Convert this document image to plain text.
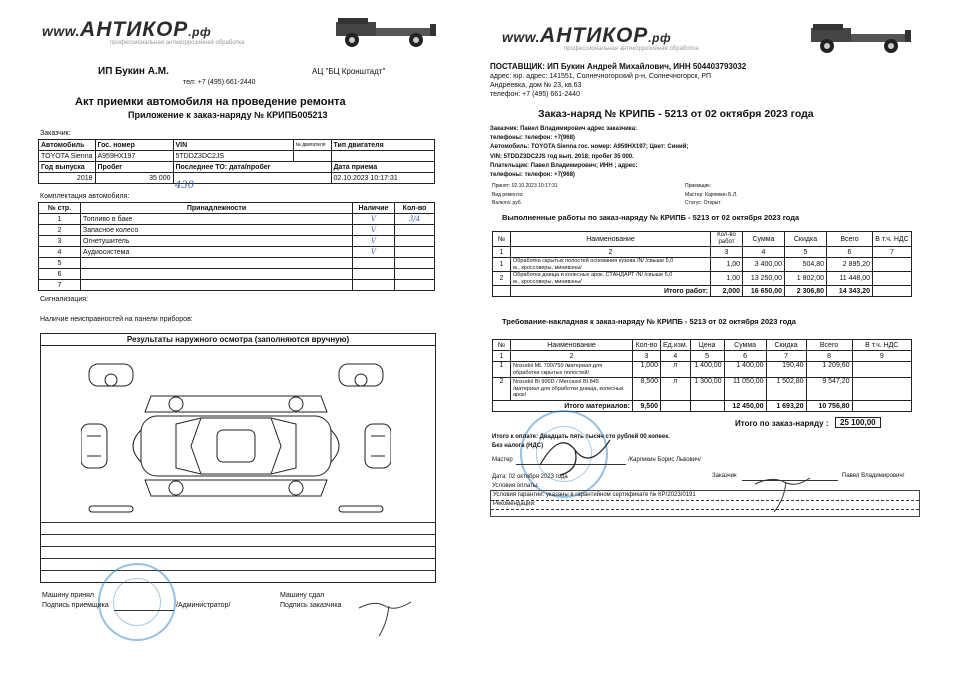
www.АНТИКОР.рф
профессиональная антикоррозийная обработка
ИП Букин А.М.	АЦ "БЦ Кронштадт"
тел: +7 (495) 661-2440
Акт приемки автомобиля на проведение ремонта
Приложение к заказ-наряду № КРИПБ005213
Заказчик:
Автомобиль	Гос. номер	VIN	№ двигателя	Тип двигателя
TOYOTA Sienna	А959НХ197	5TDDZ3DC2JS		
Год выпуска	Пробег	Последнее ТО: дата/пробег		Дата приема
2018	35 000			02.10.2023 10:17:31
430
Комплектация автомобиля:
№ стр.	Принадлежности	Наличие	Кол-во
1	Топливо в баке	V	3/4
2	Запасное колесо	V	
3	Огнетушитель	V	
4	Аудиосистема	V	
5			
6			
7			
Сигнализация:
Наличие неисправностей на панели приборов:
Результаты наружного осмотра (заполняются вручную)
Машину принял
Подпись приемщика	/Администратор/
Машину сдал
Подпись заказчика
www.АНТИКОР.рф
профессиональная антикоррозийная обработка
ПОСТАВЩИК: ИП Букин Андрей Михайлович, ИНН 504403793032
адрес: юр. адрес: 141551, Солнечногорский р-н, Солнечногорск, РП
Андреевка, дом № 23, кв.63
телефон: +7 (495) 661-2440
Заказ-наряд № КРИПБ - 5213 от 02 октября 2023 года
Заказчик: Павел Владимирович адрес заказчика:
телефоны: телефон: +7(968)
Автомобиль: TOYOTA Sienna гос. номер: А959НХ197; Цвет: Синий;
VIN: 5TDDZ3DC2JS год вып. 2018; пробег 35 000.
Плательщик: Павел Владимирович; ИНН ; адрес:
телефоны: телефон: +7(968)
Принят: 02.10.2023 10:17:31
Вид ремонта:
Валюта: руб.
Приемщик:
Мастер: Карпикин Б.Л.
Статус: Открыт
Выполненные работы по заказ-наряду № КРИПБ - 5213 от 02 октября 2023 года
№	Наименование	Кол-во работ	Сумма	Скидка	Всего	В т.ч. НДС
1	2	3	4	5	6	7
1	Обработка скрытых полостей основания кузова /N/ /свыше 5,0
м., кроссоверы, минивэны/	1,00	3 400,00	504,80	2 895,20	
2	Обработка днища и колесных арок. СТАНДАРТ /N/ /свыше 5,0
м., кроссоверы, минивэны/	1,00	13 250,00	1 802,00	11 448,00	
	Итого работ:	2,000	16 650,00	2 306,80	14 343,20	
Требование-накладная к заказ-наряду № КРИПБ - 5213 от 02 октября 2023 года
№	Наименование	Кол-во	Ед.изм.	Цена	Сумма	Скидка	Всего	В т.ч. НДС
1	2	3	4	5	6	7	8	9
1	Noxudol ML 700/750 /материал для
обработки скрытых полостей/	1,000	л	1 400,00	1 400,00	190,40	1 209,60	
2	Noxudol BI 900D / Mercasol BI 845
/материал для обработки днища, колесных
арок/	8,500	л	1 300,00	11 050,00	1 502,80	9 547,20	
Итого материалов:		9,500			12 450,00	1 693,20	10 756,80	
Итого по заказ-наряду :	25 100,00
Итого к оплате: Двадцать пять тысяч сто рублей 00 копеек.
Без налога (НДС)
Мастер	/Карпикин Борис Львович/
Заказчик	Павел Владимирович/
Дата: 02 октября 2023 года
Условия оплаты:
Условия гарантии: указаны в гарантийном сертификате № КР/2023/0191
Рекомендации:
